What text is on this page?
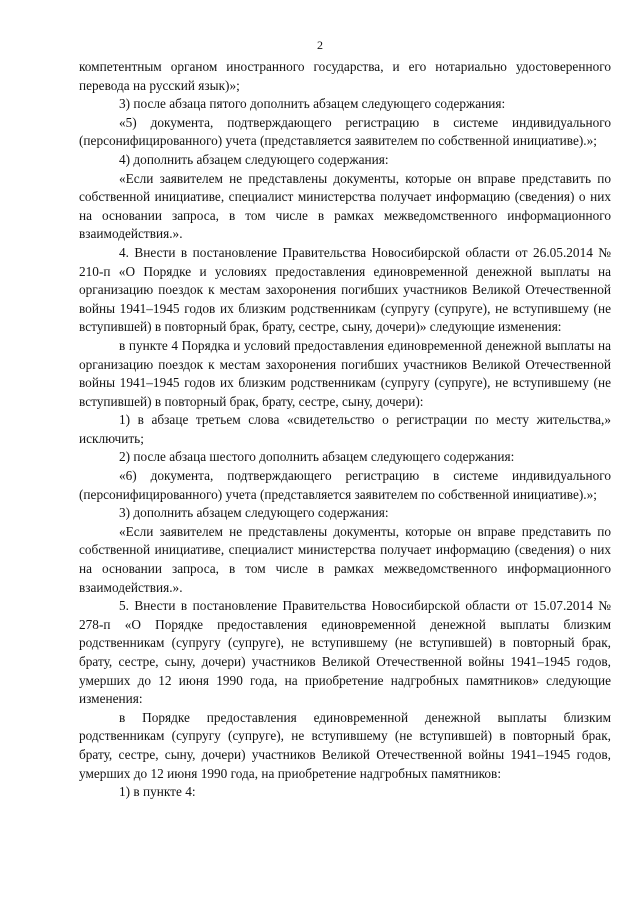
2

компетентным органом иностранного государства, и его нотариально удостоверенного перевода на русский язык)»;

3) после абзаца пятого дополнить абзацем следующего содержания:

«5) документа, подтверждающего регистрацию в системе индивидуального (персонифицированного) учета (представляется заявителем по собственной инициативе).»;

4) дополнить абзацем следующего содержания:

«Если заявителем не представлены документы, которые он вправе представить по собственной инициативе, специалист министерства получает информацию (сведения) о них на основании запроса, в том числе в рамках межведомственного информационного взаимодействия.».

4. Внести в постановление Правительства Новосибирской области от 26.05.2014 № 210-п «О Порядке и условиях предоставления единовременной денежной выплаты на организацию поездок к местам захоронения погибших участников Великой Отечественной войны 1941–1945 годов их близким родственникам (супругу (супруге), не вступившему (не вступившей) в повторный брак, брату, сестре, сыну, дочери)» следующие изменения:

в пункте 4 Порядка и условий предоставления единовременной денежной выплаты на организацию поездок к местам захоронения погибших участников Великой Отечественной войны 1941–1945 годов их близким родственникам (супругу (супруге), не вступившему (не вступившей) в повторный брак, брату, сестре, сыну, дочери):

1) в абзаце третьем слова «свидетельство о регистрации по месту жительства,» исключить;

2) после абзаца шестого дополнить абзацем следующего содержания:

«6) документа, подтверждающего регистрацию в системе индивидуального (персонифицированного) учета (представляется заявителем по собственной инициативе).»;

3) дополнить абзацем следующего содержания:

«Если заявителем не представлены документы, которые он вправе представить по собственной инициативе, специалист министерства получает информацию (сведения) о них на основании запроса, в том числе в рамках межведомственного информационного взаимодействия.».

5. Внести в постановление Правительства Новосибирской области от 15.07.2014 № 278-п «О Порядке предоставления единовременной денежной выплаты близким родственникам (супругу (супруге), не вступившему (не вступившей) в повторный брак, брату, сестре, сыну, дочери) участников Великой Отечественной войны 1941–1945 годов, умерших до 12 июня 1990 года, на приобретение надгробных памятников» следующие изменения:

в Порядке предоставления единовременной денежной выплаты близким родственникам (супругу (супруге), не вступившему (не вступившей) в повторный брак, брату, сестре, сыну, дочери) участников Великой Отечественной войны 1941–1945 годов, умерших до 12 июня 1990 года, на приобретение надгробных памятников:

1) в пункте 4:
